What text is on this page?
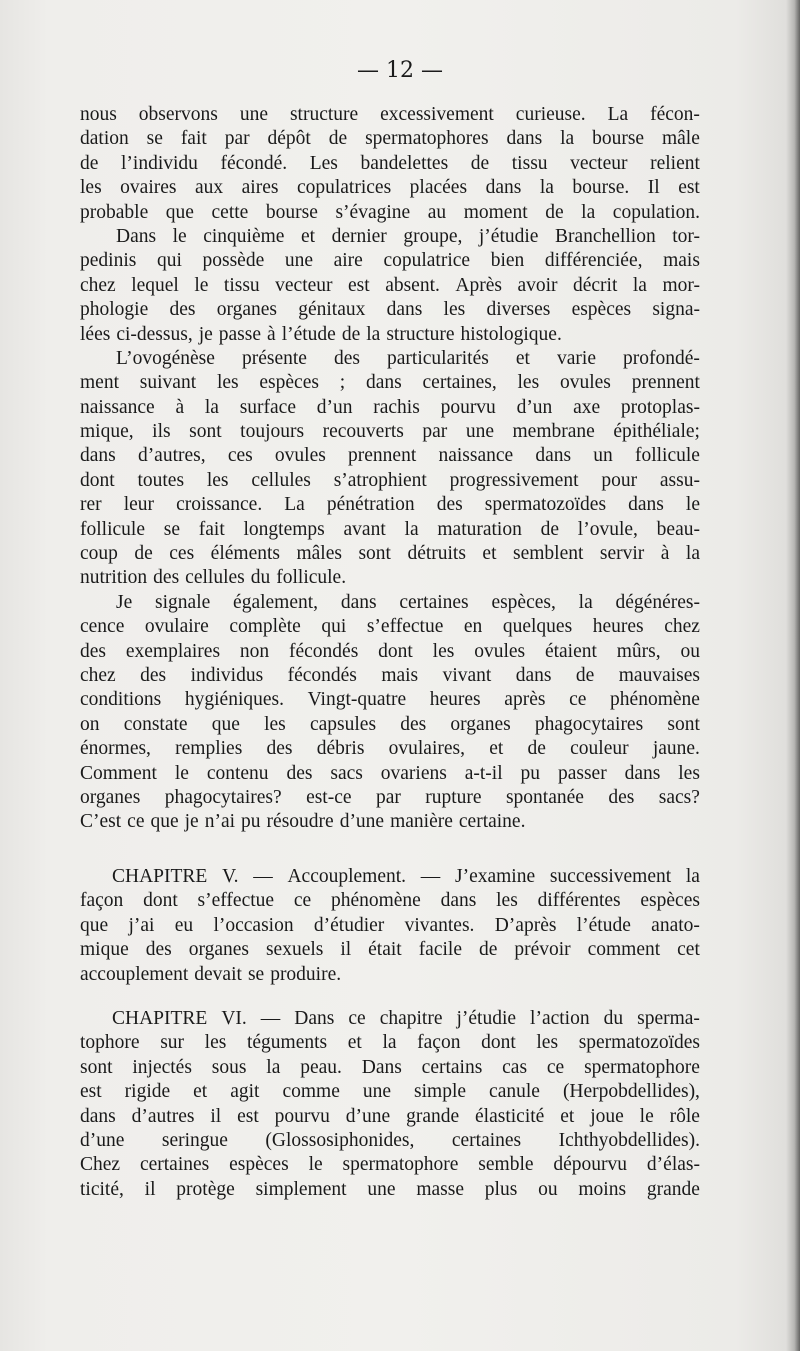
— 12 —
nous observons une structure excessivement curieuse. La fécon-
dation se fait par dépôt de spermatophores dans la bourse mâle
de l’individu fécondé. Les bandelettes de tissu vecteur relient
les ovaires aux aires copulatrices placées dans la bourse. Il est
probable que cette bourse s’évagine au moment de la copulation.
Dans le cinquième et dernier groupe, j’étudie Branchellion tor-
pedinis qui possède une aire copulatrice bien différenciée, mais
chez lequel le tissu vecteur est absent. Après avoir décrit la mor-
phologie des organes génitaux dans les diverses espèces signa-
lées ci-dessus, je passe à l’étude de la structure histologique.
L’ovogénèse présente des particularités et varie profondé-
ment suivant les espèces ; dans certaines, les ovules prennent
naissance à la surface d’un rachis pourvu d’un axe protoplas-
mique, ils sont toujours recouverts par une membrane épithéliale;
dans d’autres, ces ovules prennent naissance dans un follicule
dont toutes les cellules s’atrophient progressivement pour assu-
rer leur croissance. La pénétration des spermatozoïdes dans le
follicule se fait longtemps avant la maturation de l’ovule, beau-
coup de ces éléments mâles sont détruits et semblent servir à la
nutrition des cellules du follicule.
Je signale également, dans certaines espèces, la dégénéres-
cence ovulaire complète qui s’effectue en quelques heures chez
des exemplaires non fécondés dont les ovules étaient mûrs, ou
chez des individus fécondés mais vivant dans de mauvaises
conditions hygiéniques. Vingt-quatre heures après ce phénomène
on constate que les capsules des organes phagocytaires sont
énormes, remplies des débris ovulaires, et de couleur jaune.
Comment le contenu des sacs ovariens a-t-il pu passer dans les
organes phagocytaires? est-ce par rupture spontanée des sacs?
C’est ce que je n’ai pu résoudre d’une manière certaine.
CHAPITRE V. — Accouplement. — J’examine successivement la
façon dont s’effectue ce phénomène dans les différentes espèces
que j’ai eu l’occasion d’étudier vivantes. D’après l’étude anato-
mique des organes sexuels il était facile de prévoir comment cet
accouplement devait se produire.
CHAPITRE VI. — Dans ce chapitre j’étudie l’action du sperma-
tophore sur les téguments et la façon dont les spermatozoïdes
sont injectés sous la peau. Dans certains cas ce spermatophore
est rigide et agit comme une simple canule (Herpobdellides),
dans d’autres il est pourvu d’une grande élasticité et joue le rôle
d’une seringue (Glossosiphonides, certaines Ichthyobdellides).
Chez certaines espèces le spermatophore semble dépourvu d’élas-
ticité, il protège simplement une masse plus ou moins grande
